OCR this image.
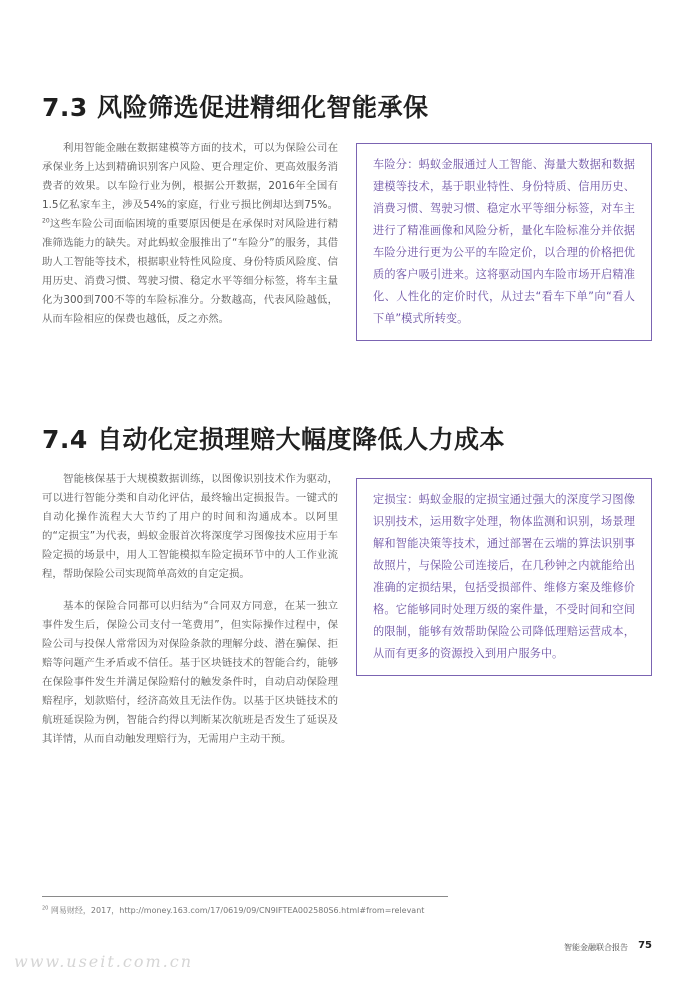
7.3 风险筛选促进精细化智能承保

利用智能金融在数据建模等方面的技术，可以为保险公司在承保业务上达到精确识别客户风险、更合理定价、更高效服务消费者的效果。以车险行业为例，根据公开数据，2016年全国有1.5亿私家车主，涉及54%的家庭，行业亏损比例却达到75%。$^{20}$这些车险公司面临困境的重要原因便是在承保时对风险进行精准筛选能力的缺失。对此蚂蚁金服推出了“车险分”的服务，其借助人工智能等技术，根据职业特性风险度、身份特质风险度、信用历史、消费习惯、驾驶习惯、稳定水平等细分标签，将车主量化为300到700不等的车险标准分。分数越高，代表风险越低，从而车险相应的保费也越低，反之亦然。

车险分：蚂蚁金服通过人工智能、海量大数据和数据建模等技术，基于职业特性、身份特质、信用历史、消费习惯、驾驶习惯、稳定水平等细分标签，对车主进行了精准画像和风险分析，量化车险标准分并依据车险分进行更为公平的车险定价，以合理的价格把优质的客户吸引进来。这将驱动国内车险市场开启精准化、人性化的定价时代，从过去“看车下单”向“看人下单”模式所转变。
7.4 自动化定损理赔大幅度降低人力成本

智能核保基于大规模数据训练，以图像识别技术作为驱动，可以进行智能分类和自动化评估，最终输出定损报告。一键式的自动化操作流程大大节约了用户的时间和沟通成本。以阿里的“定损宝”为代表，蚂蚁金服首次将深度学习图像技术应用于车险定损的场景中，用人工智能模拟车险定损环节中的人工作业流程，帮助保险公司实现简单高效的自定定损。

基本的保险合同都可以归结为“合同双方同意，在某一独立事件发生后，保险公司支付一笔费用”，但实际操作过程中，保险公司与投保人常常因为对保险条款的理解分歧、潜在骗保、拒赔等问题产生矛盾或不信任。基于区块链技术的智能合约，能够在保险事件发生并满足保险赔付的触发条件时，自动启动保险理赔程序，划款赔付，经济高效且无法作伪。以基于区块链技术的航班延误险为例，智能合约得以判断某次航班是否发生了延误及其详情，从而自动触发理赔行为，无需用户主动干预。

定损宝：蚂蚁金服的定损宝通过强大的深度学习图像识别技术，运用数字处理，物体监测和识别，场景理解和智能决策等技术，通过部署在云端的算法识别事故照片，与保险公司连接后，在几秒钟之内就能给出准确的定损结果，包括受损部件、维修方案及维修价格。它能够同时处理万级的案件量，不受时间和空间的限制，能够有效帮助保险公司降低理赔运营成本，从而有更多的资源投入到用户服务中。
$^{20}$ 网易财经，2017，http://money.163.com/17/0619/09/CN9IFTEA002580S6.html#from=relevant
智能金融联合报告 75
www.useit.com.cn
